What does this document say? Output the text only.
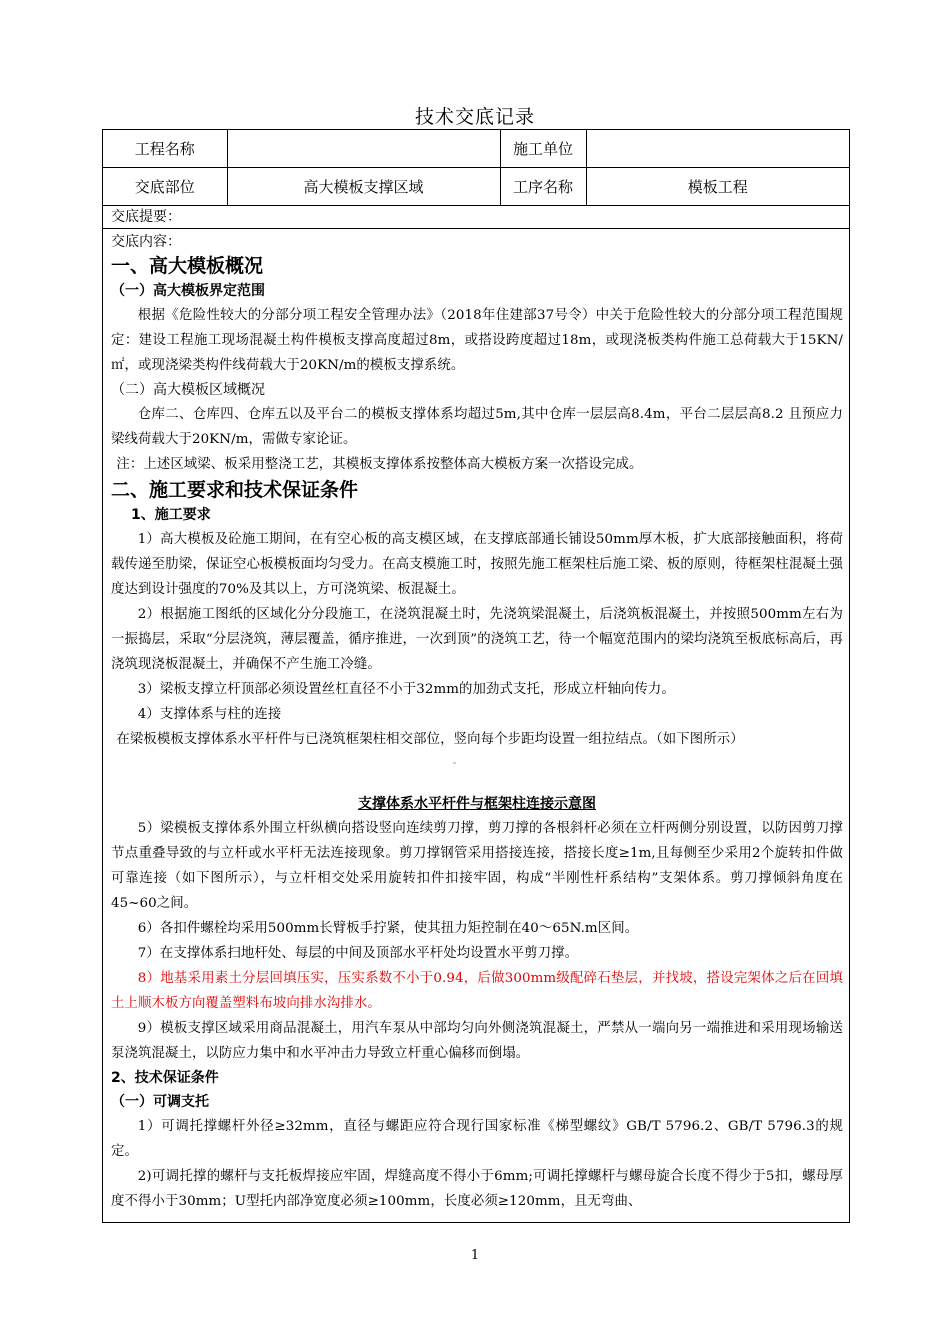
技术交底记录
工程名称		施工单位	
交底部位	高大模板支撑区域	工序名称	模板工程
交底提要：
交底内容：

一、高大模板概况

（一）高大模板界定范围

根据《危险性较大的分部分项工程安全管理办法》（2018年住建部37号令）中关于危险性较大的分部分项工程范围规定：建设工程施工现场混凝土构件模板支撑高度超过8m，或搭设跨度超过18m，或现浇板类构件施工总荷载大于15KN/㎡，或现浇梁类构件线荷载大于20KN/m的模板支撑系统。

（二）高大模板区域概况

仓库二、仓库四、仓库五以及平台二的模板支撑体系均超过5m,其中仓库一层层高8.4m，平台二层层高8.2 且预应力梁线荷载大于20KN/m，需做专家论证。

注：上述区域梁、板采用整浇工艺，其模板支撑体系按整体高大模板方案一次搭设完成。

二、施工要求和技术保证条件

1、施工要求

1）高大模板及砼施工期间，在有空心板的高支模区域，在支撑底部通长铺设50mm厚木板，扩大底部接触面积，将荷载传递至肋梁，保证空心板模板面均匀受力。在高支模施工时，按照先施工框架柱后施工梁、板的原则，待框架柱混凝土强度达到设计强度的70%及其以上，方可浇筑梁、板混凝土。

2）根据施工图纸的区域化分分段施工，在浇筑混凝土时，先浇筑梁混凝土，后浇筑板混凝土，并按照500mm左右为一振捣层，采取“分层浇筑，薄层覆盖，循序推进，一次到顶”的浇筑工艺，待一个幅宽范围内的梁均浇筑至板底标高后，再浇筑现浇板混凝土，并确保不产生施工冷缝。

3）梁板支撑立杆顶部必须设置丝杠直径不小于32mm的加劲式支托，形成立杆轴向传力。

4）支撑体系与柱的连接

在梁板模板支撑体系水平杆件与已浇筑框架柱相交部位，竖向每个步距均设置一组拉结点。（如下图所示）

支撑体系水平杆件与框架柱连接示意图

5）梁模板支撑体系外围立杆纵横向搭设竖向连续剪刀撑，剪刀撑的各根斜杆必须在立杆两侧分别设置，以防因剪刀撑节点重叠导致的与立杆或水平杆无法连接现象。剪刀撑钢管采用搭接连接，搭接长度≥1m,且每侧至少采用2个旋转扣件做可靠连接（如下图所示），与立杆相交处采用旋转扣件扣接牢固，构成“半刚性杆系结构”支架体系。剪刀撑倾斜角度在45~60之间。

6）各扣件螺栓均采用500mm长臂板手拧紧，使其扭力矩控制在40～65N.m区间。

7）在支撑体系扫地杆处、每层的中间及顶部水平杆处均设置水平剪刀撑。

8）地基采用素土分层回填压实，压实系数不小于0.94，后做300mm级配碎石垫层，并找坡，搭设完架体之后在回填土上顺木板方向覆盖塑料布坡向排水沟排水。

9）模板支撑区域采用商品混凝土，用汽车泵从中部均匀向外侧浇筑混凝土，严禁从一端向另一端推进和采用现场输送泵浇筑混凝土，以防应力集中和水平冲击力导致立杆重心偏移而倒塌。

2、技术保证条件

（一）可调支托

1）可调托撑螺杆外径≥32mm，直径与螺距应符合现行国家标准《梯型螺纹》GB/T 5796.2、GB/T 5796.3的规定。

2)可调托撑的螺杆与支托板焊接应牢固，焊缝高度不得小于6mm;可调托撑螺杆与螺母旋合长度不得少于5扣，螺母厚度不得小于30mm；U型托内部净宽度必须≥100mm，长度必须≥120mm，且无弯曲、

1
